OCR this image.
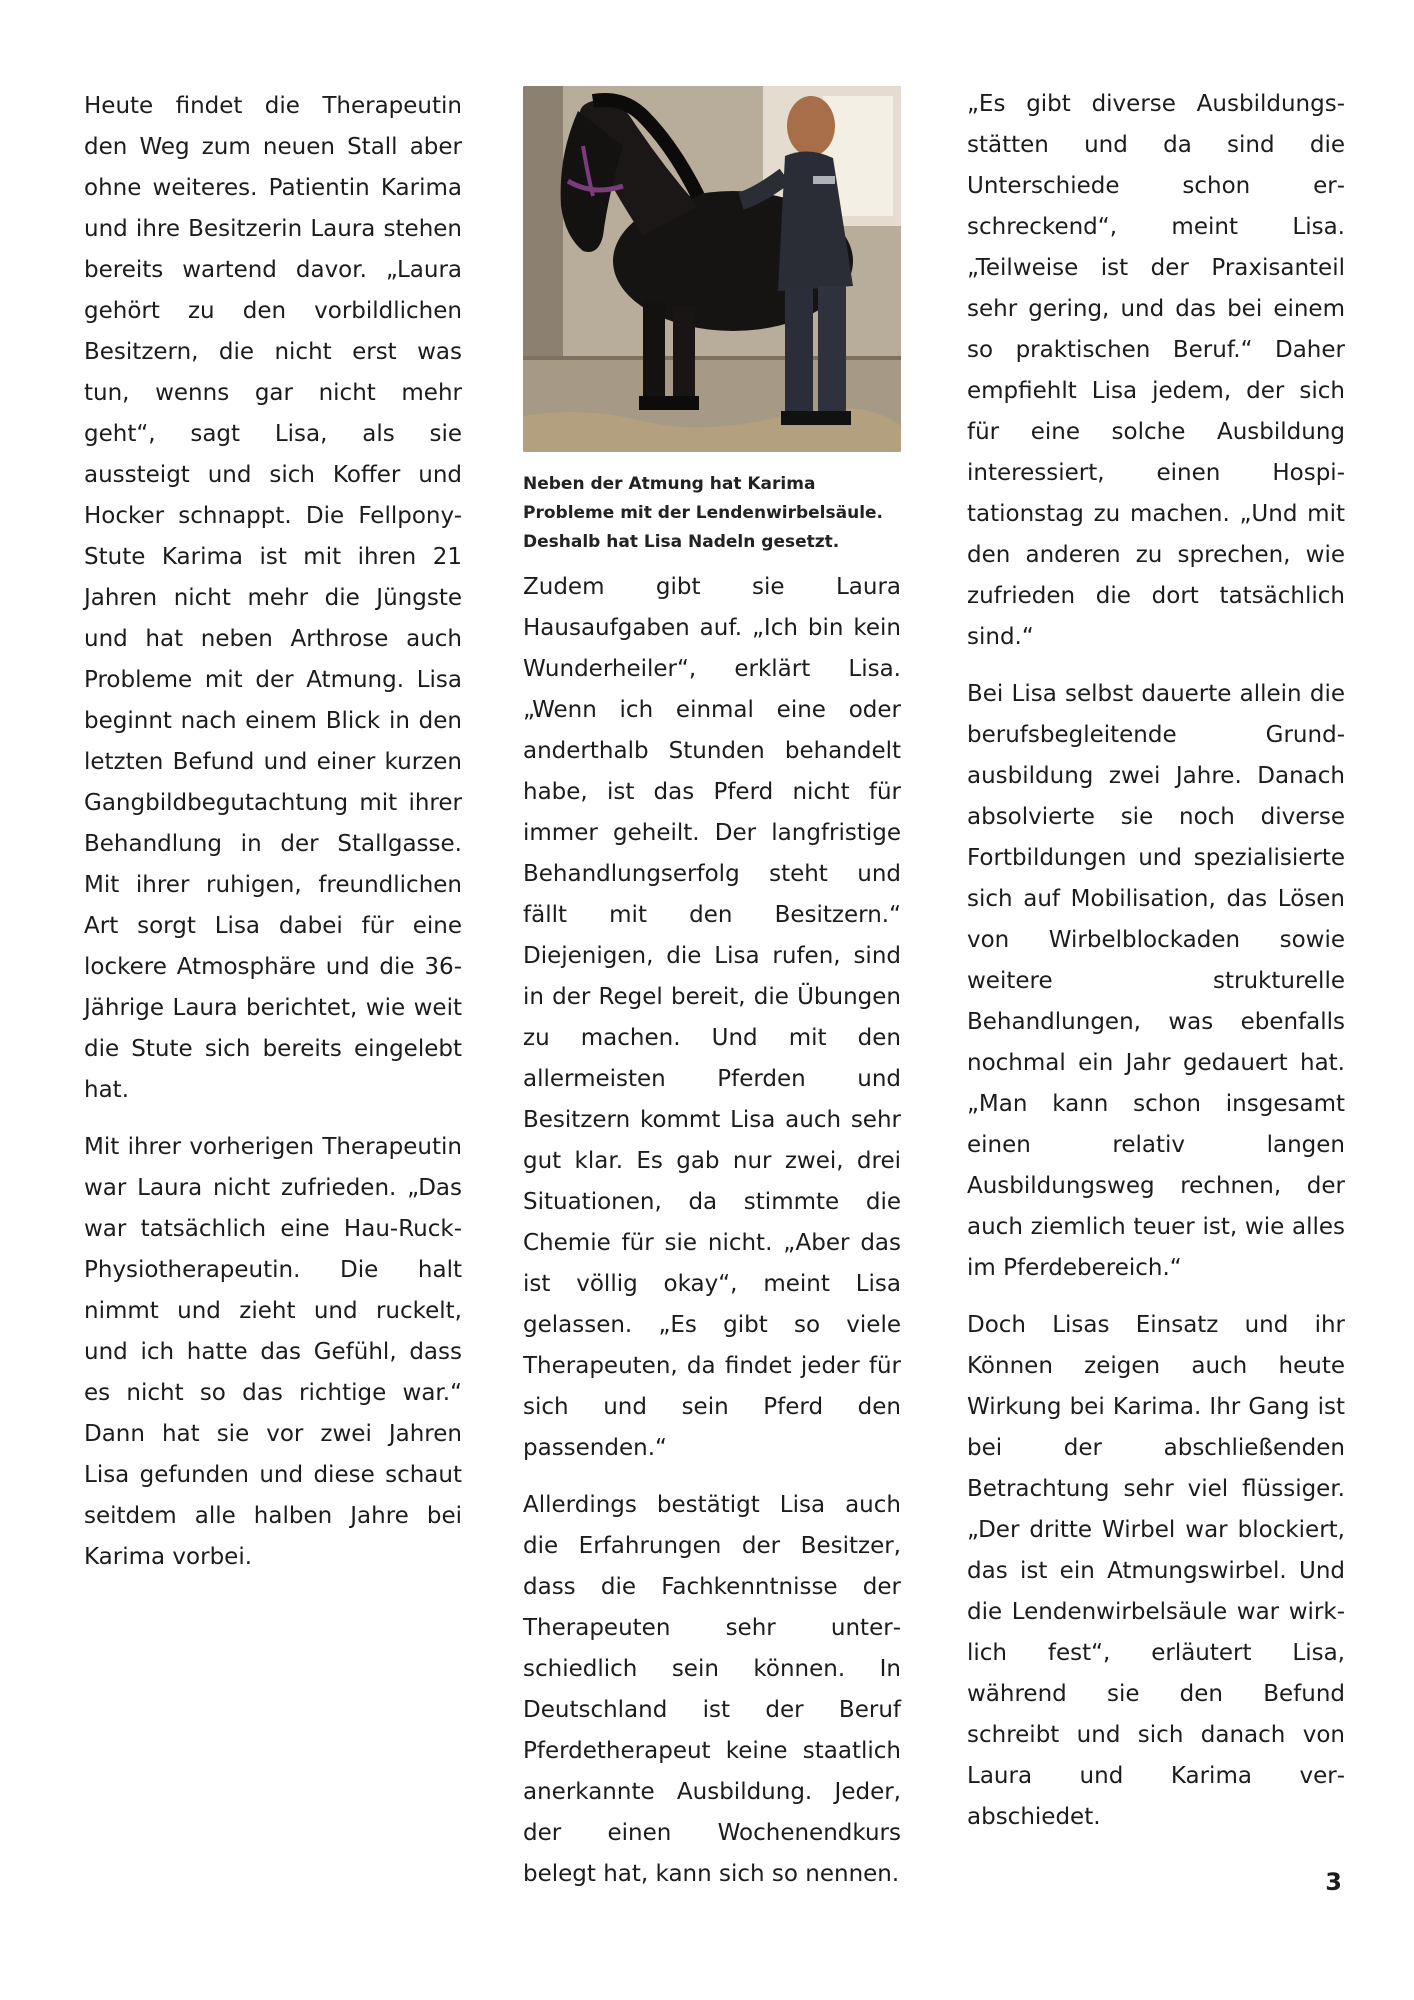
Heute findet die Therapeutin den Weg zum neuen Stall aber ohne weiteres. Patientin Karima und ihre Besitzerin Laura stehen bereits wartend davor. „Laura gehört zu den vorbildlichen Besitzern, die nicht erst was tun, wenns gar nicht mehr geht“, sagt Lisa, als sie aussteigt und sich Koffer und Hocker schnappt. Die Fellpony-Stute Karima ist mit ihren 21 Jahren nicht mehr die Jüngste und hat neben Arthrose auch Probleme mit der Atmung. Lisa beginnt nach einem Blick in den letzten Befund und einer kurzen Gangbildbegutachtung mit ihrer Behandlung in der Stallgasse. Mit ihrer ruhigen, freundlichen Art sorgt Lisa dabei für eine lockere Atmosphäre und die 36-Jährige Laura berichtet, wie weit die Stute sich bereits eingelebt hat.

Mit ihrer vorherigen Therapeutin war Laura nicht zufrieden. „Das war tatsächlich eine Hau-Ruck-Physiotherapeutin. Die halt nimmt und zieht und ruckelt, und ich hatte das Gefühl, dass es nicht so das richtige war.“ Dann hat sie vor zwei Jahren Lisa gefunden und diese schaut seitdem alle halben Jahre bei Karima vorbei.

Neben der Atmung hat Karima Probleme mit der Lendenwirbelsäule. Deshalb hat Lisa Nadeln gesetzt.

Zudem gibt sie Laura Hausaufgaben auf. „Ich bin kein Wunderheiler“, erklärt Lisa. „Wenn ich einmal eine oder anderthalb Stunden behandelt habe, ist das Pferd nicht für immer geheilt. Der langfristige Behandlungserfolg steht und fällt mit den Besitzern.“ Diejenigen, die Lisa rufen, sind in der Regel bereit, die Übungen zu machen. Und mit den allermeisten Pferden und Besitzern kommt Lisa auch sehr gut klar. Es gab nur zwei, drei Situationen, da stimmte die Chemie für sie nicht. „Aber das ist völlig okay“, meint Lisa gelassen. „Es gibt so viele Therapeuten, da findet jeder für sich und sein Pferd den passenden.“

Allerdings bestätigt Lisa auch die Erfahrungen der Besitzer, dass die Fachkenntnisse der Therapeuten sehr unterschiedlich sein können. In Deutschland ist der Beruf Pferdetherapeut keine staatlich anerkannte Ausbildung. Jeder, der einen Wochenendkurs belegt hat, kann sich so nennen.

„Es gibt diverse Ausbildungsstätten und da sind die Unterschiede schon erschreckend“, meint Lisa. „Teilweise ist der Praxisanteil sehr gering, und das bei einem so praktischen Beruf.“ Daher empfiehlt Lisa jedem, der sich für eine solche Ausbildung interessiert, einen Hospitationstag zu machen. „Und mit den anderen zu sprechen, wie zufrieden die dort tatsächlich sind.“

Bei Lisa selbst dauerte allein die berufsbegleitende Grundausbildung zwei Jahre. Danach absolvierte sie noch diverse Fortbildungen und spezialisierte sich auf Mobilisation, das Lösen von Wirbelblockaden sowie weitere strukturelle Behandlungen, was ebenfalls nochmal ein Jahr gedauert hat. „Man kann schon insgesamt einen relativ langen Ausbildungsweg rechnen, der auch ziemlich teuer ist, wie alles im Pferdebereich.“

Doch Lisas Einsatz und ihr Können zeigen auch heute Wirkung bei Karima. Ihr Gang ist bei der abschließenden Betrachtung sehr viel flüssiger. „Der dritte Wirbel war blockiert, das ist ein Atmungswirbel. Und die Lendenwirbelsäule war wirklich fest“, erläutert Lisa, während sie den Befund schreibt und sich danach von Laura und Karima verabschiedet.

3
